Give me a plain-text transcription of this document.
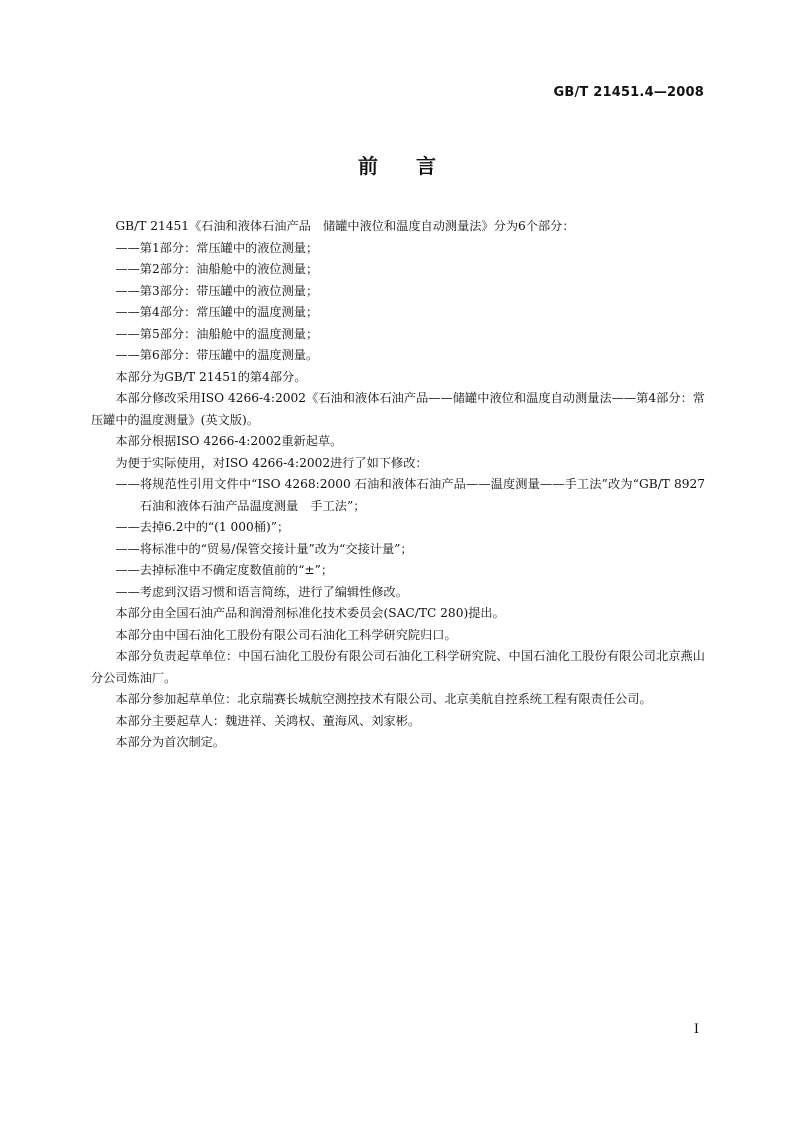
GB/T 21451.4—2008
前言

GB/T 21451《石油和液体石油产品　储罐中液位和温度自动测量法》分为6个部分：

——第1部分：常压罐中的液位测量；

——第2部分：油船舱中的液位测量；

——第3部分：带压罐中的液位测量；

——第4部分：常压罐中的温度测量；

——第5部分：油船舱中的温度测量；

——第6部分：带压罐中的温度测量。

本部分为GB/T 21451的第4部分。

本部分修改采用ISO 4266-4:2002《石油和液体石油产品——储罐中液位和温度自动测量法——第4部分：常压罐中的温度测量》(英文版)。

本部分根据ISO 4266-4:2002重新起草。

为便于实际使用，对ISO 4266-4:2002进行了如下修改：

——将规范性引用文件中“ISO 4268:2000 石油和液体石油产品——温度测量——手工法”改为“GB/T 8927　石油和液体石油产品温度测量　手工法”；

——去掉6.2中的“(1 000桶)”；

——将标准中的“贸易/保管交接计量”改为“交接计量”；

——去掉标准中不确定度数值前的“±”；

——考虑到汉语习惯和语言简练，进行了编辑性修改。

本部分由全国石油产品和润滑剂标准化技术委员会(SAC/TC 280)提出。

本部分由中国石油化工股份有限公司石油化工科学研究院归口。

本部分负责起草单位：中国石油化工股份有限公司石油化工科学研究院、中国石油化工股份有限公司北京燕山分公司炼油厂。

本部分参加起草单位：北京瑞赛长城航空测控技术有限公司、北京美航自控系统工程有限责任公司。

本部分主要起草人：魏进祥、关鸿权、董海风、刘家彬。

本部分为首次制定。

I
